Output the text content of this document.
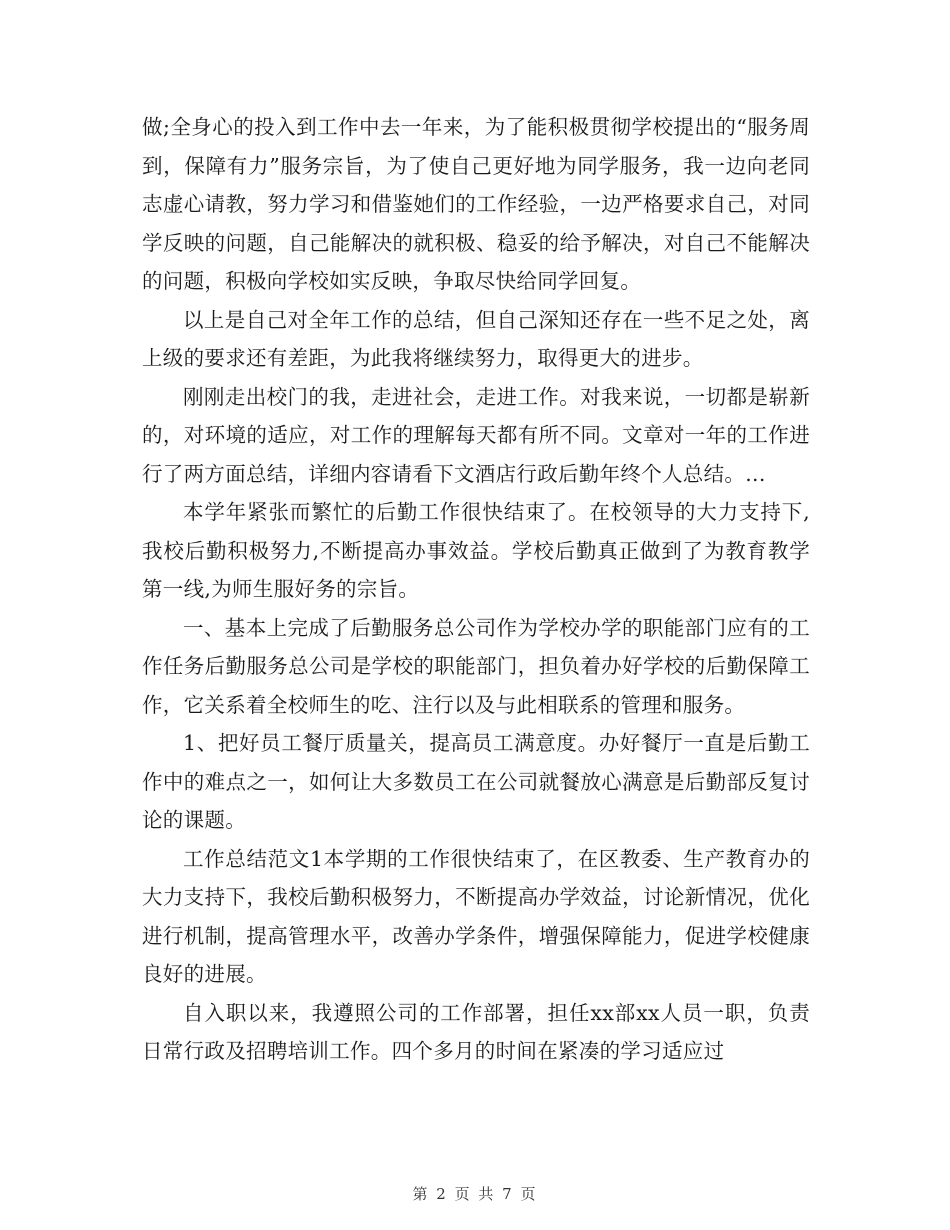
做;全身心的投入到工作中去一年来，为了能积极贯彻学校提出的“服务周到，保障有力”服务宗旨，为了使自己更好地为同学服务，我一边向老同志虚心请教，努力学习和借鉴她们的工作经验，一边严格要求自己，对同学反映的问题，自己能解决的就积极、稳妥的给予解决，对自己不能解决的问题，积极向学校如实反映，争取尽快给同学回复。

以上是自己对全年工作的总结，但自己深知还存在一些不足之处，离上级的要求还有差距，为此我将继续努力，取得更大的进步。

刚刚走出校门的我，走进社会，走进工作。对我来说，一切都是崭新的，对环境的适应，对工作的理解每天都有所不同。文章对一年的工作进行了两方面总结，详细内容请看下文酒店行政后勤年终个人总结。...

本学年紧张而繁忙的后勤工作很快结束了。在校领导的大力支持下,我校后勤积极努力,不断提高办事效益。学校后勤真正做到了为教育教学第一线,为师生服好务的宗旨。

一、基本上完成了后勤服务总公司作为学校办学的职能部门应有的工作任务后勤服务总公司是学校的职能部门，担负着办好学校的后勤保障工作，它关系着全校师生的吃、注行以及与此相联系的管理和服务。

1、把好员工餐厅质量关，提高员工满意度。办好餐厅一直是后勤工作中的难点之一，如何让大多数员工在公司就餐放心满意是后勤部反复讨论的课题。

工作总结范文1本学期的工作很快结束了，在区教委、生产教育办的大力支持下，我校后勤积极努力，不断提高办学效益，讨论新情况，优化进行机制，提高管理水平，改善办学条件，增强保障能力，促进学校健康良好的进展。

自入职以来，我遵照公司的工作部署，担任xx部xx人员一职，负责日常行政及招聘培训工作。四个多月的时间在紧凑的学习适应过

第 2 页 共 7 页
